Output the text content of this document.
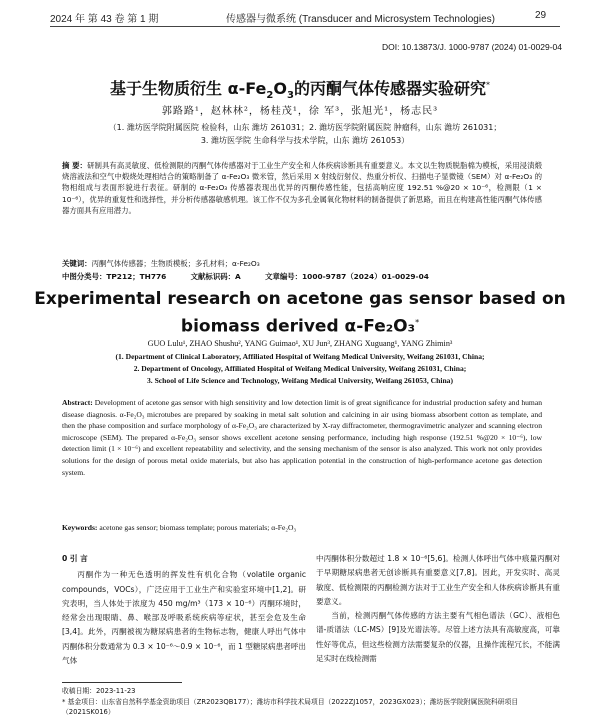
2024 年 第 43 卷 第 1 期	传感器与微系统 (Transducer and Microsystem Technologies)	29
DOI: 10.13873/J. 1000-9787 (2024) 01-0029-04
基于生物质衍生 $\alpha-Fe_2O_3$的丙酮气体传感器实验研究*
郭路路¹，赵林林²，杨桂茂¹，徐 军³，张旭光¹，杨志民³
（1. 潍坊医学院附属医院 检验科，山东 潍坊 261031；2. 潍坊医学院附属医院 肿瘤科，山东 潍坊 261031；
3. 潍坊医学院 生命科学与技术学院，山东 潍坊 261053）
摘 要：研制具有高灵敏度、低检测限的丙酮气体传感器对于工业生产安全和人体疾病诊断具有重要意义。本文以生物质脱脂棉为模板，采用浸渍煅烧溶液法和空气中煅烧处理相结合的策略制备了 α-Fe₂O₃ 微米管，然后采用 X 射线衍射仪、热重分析仪、扫描电子显微镜（SEM）对 α-Fe₂O₃ 的物相组成与表面形貌进行表征。研制的 α-Fe₂O₃ 传感器表现出优异的丙酮传感性能，包括高响应度 192.51 %@20 × 10⁻⁶，检测限（1 × 10⁻⁶），优异的重复性和选择性，并分析传感器敏感机理。该工作不仅为多孔金属氧化物材料的制备提供了新思路，而且在构建高性能丙酮气体传感器方面具有应用潜力。
关键词：丙酮气体传感器；生物质模板；多孔材料；α-Fe₂O₃
中图分类号：TP212；TH776	文献标识码：A	文章编号：1000-9787（2024）01-0029-04
Experimental research on acetone gas sensor based on
biomass derived α-Fe₂O₃*
GUO Lulu¹, ZHAO Shushu², YANG Guimao¹, XU Jun³, ZHANG Xuguang¹, YANG Zhimin³
(1. Department of Clinical Laboratory, Affiliated Hospital of Weifang Medical University, Weifang 261031, China;
2. Department of Oncology, Affiliated Hospital of Weifang Medical University, Weifang 261031, China;
3. School of Life Science and Technology, Weifang Medical University, Weifang 261053, China)
Abstract: Development of acetone gas sensor with high sensitivity and low detection limit is of great significance for industrial production safety and human disease diagnosis. α-Fe₂O₃ microtubes are prepared by soaking in metal salt solution and calcining in air using biomass absorbent cotton as template, and then the phase composition and surface morphology of α-Fe₂O₃ are characterized by X-ray diffractometer, thermogravimetric analyzer and scanning electron microscope (SEM). The prepared α-Fe₂O₃ sensor shows excellent acetone sensing performance, including high response (192.51 %@20 × 10⁻⁶), low detection limit (1 × 10⁻⁶) and excellent repeatability and selectivity, and the sensing mechanism of the sensor is also analyzed. This work not only provides solutions for the design of porous metal oxide materials, but also has application potential in the construction of high-performance acetone gas detection system.
Keywords: acetone gas sensor; biomass template; porous materials; α-Fe₂O₃
0 引 言
丙酮作为一种无色透明的挥发性有机化合物（volatile organic compounds，VOCs），广泛应用于工业生产和实验室环境中[1,2]。研究表明，当人体处于浓度为 450 mg/m³（173 × 10⁻⁶）丙酮环境时，经常会出现眼睛、鼻、喉部及呼吸系统疾病等症状，甚至会危及生命[3,4]。此外，丙酮被视为糖尿病患者的生物标志物，健康人呼出气体中丙酮体积分数通常为 0.3 × 10⁻⁶～0.9 × 10⁻⁶，而 1 型糖尿病患者呼出气体
中丙酮体积分数超过 1.8 × 10⁻⁶[5,6]。检测人体呼出气体中痕量丙酮对于早期糖尿病患者无创诊断具有重要意义[7,8]。因此，开发实时、高灵敏度、低检测限的丙酮检测方法对于工业生产安全和人体疾病诊断具有重要意义。
当前，检测丙酮气体传感的方法主要有气相色谱法（GC）、液相色谱-质谱法（LC-MS）[9]及光谱法等。尽管上述方法具有高敏度高，可靠性好等优点，但这些检测方法需要复杂的仪器，且操作流程冗长，不能满足实时在线检测需
收稿日期：2023-11-23
* 基金项目：山东省自然科学基金资助项目（ZR2023QB177）；潍坊市科学技术局项目（2022ZJ1057，2023GX023）；潍坊医学院附属医院科研项目（2021SK016）
